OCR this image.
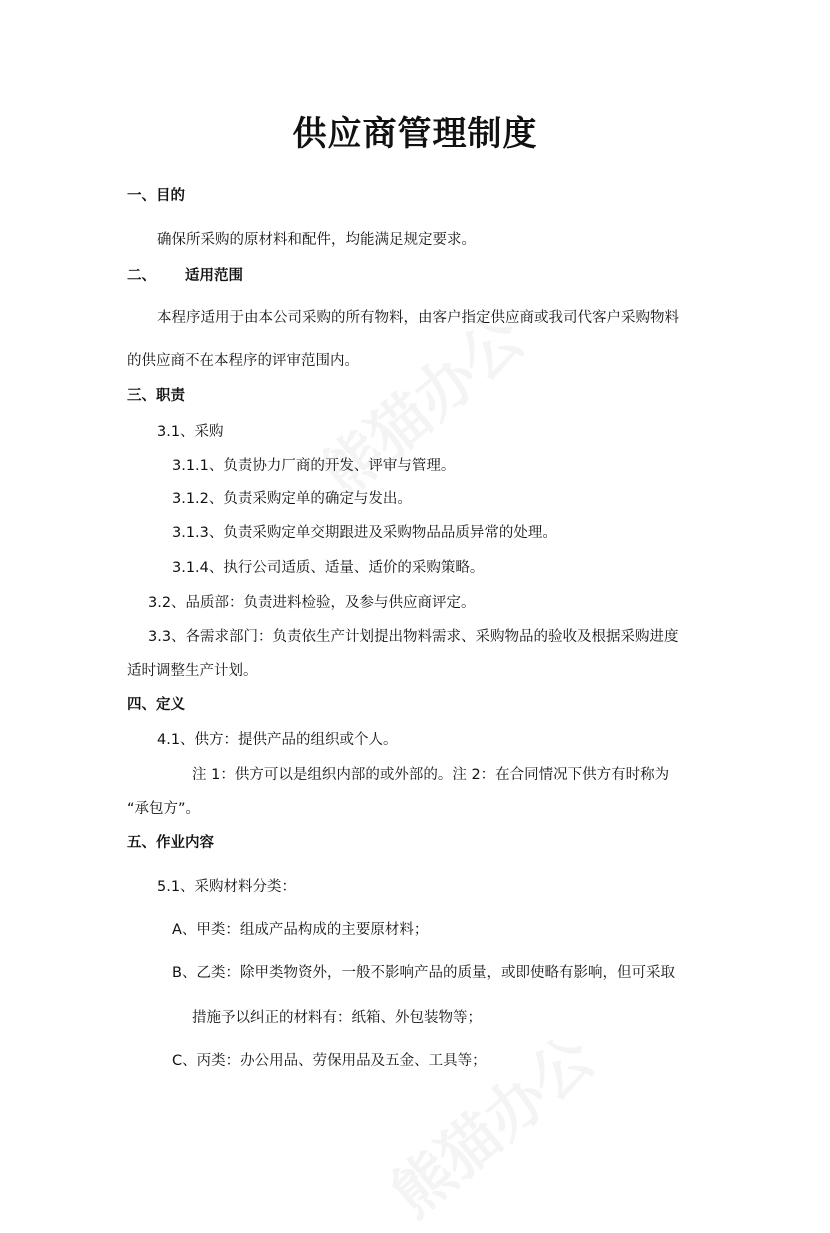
供应商管理制度
一、目的
确保所采购的原材料和配件，均能满足规定要求。
二、 适用范围
本程序适用于由本公司采购的所有物料，由客户指定供应商或我司代客户采购物料
的供应商不在本程序的评审范围内。
三、职责
3.1、采购
3.1.1、负责协力厂商的开发、评审与管理。
3.1.2、负责采购定单的确定与发出。
3.1.3、负责采购定单交期跟进及采购物品品质异常的处理。
3.1.4、执行公司适质、适量、适价的采购策略。
3.2、品质部：负责进料检验，及参与供应商评定。
3.3、各需求部门：负责依生产计划提出物料需求、采购物品的验收及根据采购进度
适时调整生产计划。
四、定义
4.1、供方：提供产品的组织或个人。
注 1：供方可以是组织内部的或外部的。注 2：在合同情况下供方有时称为
“承包方”。
五、作业内容
5.1、采购材料分类：
A、甲类：组成产品构成的主要原材料；
B、乙类：除甲类物资外，一般不影响产品的质量，或即使略有影响，但可采取
措施予以纠正的材料有：纸箱、外包装物等；
C、丙类：办公用品、劳保用品及五金、工具等；
